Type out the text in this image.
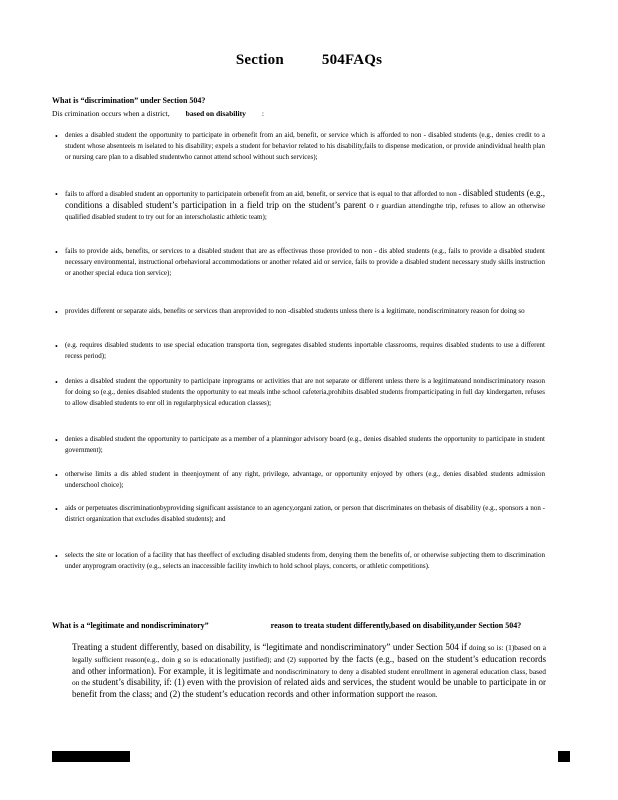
Section	504FAQs
What is “discrimination” under Section 504?
Dis crimination occurs when a district, based on disability :
• denies a disabled student the opportunity to participate in orbenefit from an aid, benefit, or service which is afforded to non - disabled students (e.g., denies credit to a student whose absenteeis m iselated to his disability; expels a student for behavior related to his disability,fails to dispense medication, or provide anindividual health plan or nursing care plan to a disabled studentwho cannot attend school without such services);
• fails to afford a disabled student an opportunity to participatein orbenefit from an aid, benefit, or service that is equal to that afforded to non - disabled students (e.g., conditions a disabled student’s participation in a field trip on the student’s parent o r guardian attendingthe trip, refuses to allow an otherwise qualified disabled student to try out for an interscholastic athletic team);
• fails to provide aids, benefits, or services to a disabled student that are as effectiveas those provided to non - dis abled students (e.g., fails to provide a disabled student necessary environmental, instructional orbehavioral accommodations or another related aid or service, fails to provide a disabled student necessary study skills instruction or another special educa tion service);
• provides different or separate aids, benefits or services than areprovided to non -disabled students unless there is a legitimate, nondiscriminatory reason for doing so
• (e.g. requires disabled students to use special education transporta tion, segregates disabled students inportable classrooms, requires disabled students to use a different recess period);
• denies a disabled student the opportunity to participate inprograms or activities that are not separate or different unless there is a legitimateand nondiscriminatory reason for doing so (e.g., denies disabled students the opportunity to eat meals inthe school cafeteria,prohibits disabled students fromparticipating in full day kindergarten, refuses to allow disabled students to enr oll in regularphysical education classes);
• denies a disabled student the opportunity to participate as a member of a planningor advisory board (e.g., denies disabled students the opportunity to participate in student government);
• otherwise limits a dis abled student in theenjoyment of any right, privilege, advantage, or opportunity enjoyed by others (e.g., denies disabled students admission underschool choice);
• aids or perpetuates discriminationbyproviding significant assistance to an agency,organi zation, or person that discriminates on thebasis of disability (e.g., sponsors a non - district organization that excludes disabled students); and
• selects the site or location of a facility that has theeffect of excluding disabled students from, denying them the benefits of, or otherwise subjecting them to discrimination under anyprogram oractivity (e.g., selects an inaccessible facility inwhich to hold school plays, concerts, or athletic competitions).
What is a “legitimate and nondiscriminatory”	reason to treata student differently,based on disability,under Section 504?
Treating a student differently, based on disability, is “legitimate and nondiscriminatory” under Section 504 if doing so is: (1)based on a legally sufficient reason(e.g., doin g so is educationally justified); and (2) supported by the facts (e.g., based on the student’s education records and other information). For example, it is legitimate and nondiscriminatory to deny a disabled student enrollment in ageneral education class, based on the student’s disability, if: (1) even with the provision of related aids and services, the student would be unable to participate in or benefit from the class; and (2) the student’s education records and other information support the reason.
